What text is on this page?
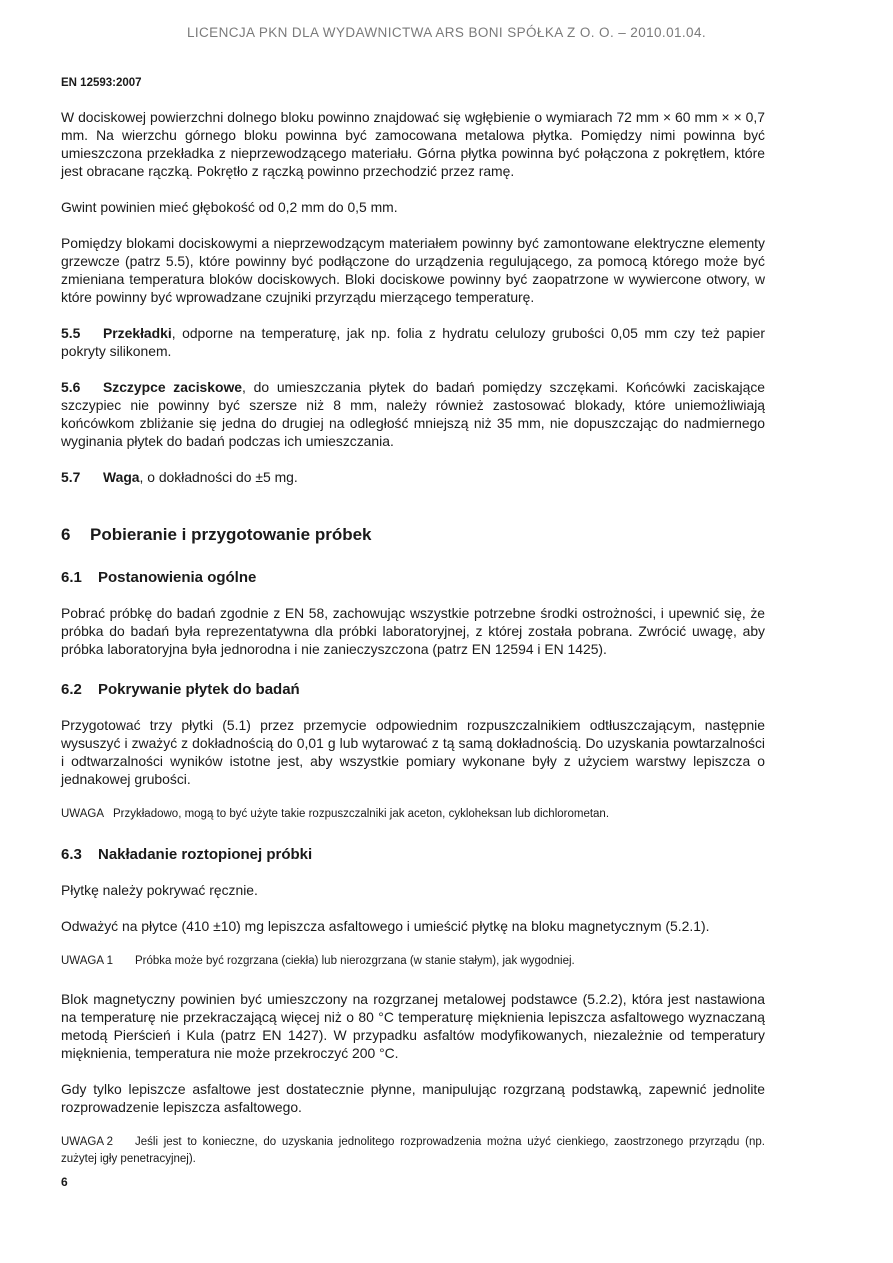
LICENCJA PKN DLA WYDAWNICTWA ARS BONI SPÓŁKA Z O. O. – 2010.01.04.
EN 12593:2007

W dociskowej powierzchni dolnego bloku powinno znajdować się wgłębienie o wymiarach 72 mm × 60 mm × × 0,7 mm. Na wierzchu górnego bloku powinna być zamocowana metalowa płytka. Pomiędzy nimi powinna być umieszczona przekładka z nieprzewodzącego materiału. Górna płytka powinna być połączona z pokrętłem, które jest obracane rączką. Pokrętło z rączką powinno przechodzić przez ramę.

Gwint powinien mieć głębokość od 0,2 mm do 0,5 mm.

Pomiędzy blokami dociskowymi a nieprzewodzącym materiałem powinny być zamontowane elektryczne elementy grzewcze (patrz 5.5), które powinny być podłączone do urządzenia regulującego, za pomocą którego może być zmieniana temperatura bloków dociskowych. Bloki dociskowe powinny być zaopatrzone w wywiercone otwory, w które powinny być wprowadzane czujniki przyrządu mierzącego temperaturę.

5.5 Przekładki, odporne na temperaturę, jak np. folia z hydratu celulozy grubości 0,05 mm czy też papier pokryty silikonem.

5.6 Szczypce zaciskowe, do umieszczania płytek do badań pomiędzy szczękami. Końcówki zaciskające szczypiec nie powinny być szersze niż 8 mm, należy również zastosować blokady, które uniemożliwiają końcówkom zbliżanie się jedna do drugiej na odległość mniejszą niż 35 mm, nie dopuszczając do nadmiernego wyginania płytek do badań podczas ich umieszczania.

5.7 Waga, o dokładności do ±5 mg.

6 Pobieranie i przygotowanie próbek
6.1 Postanowienia ogólne

Pobrać próbkę do badań zgodnie z EN 58, zachowując wszystkie potrzebne środki ostrożności, i upewnić się, że próbka do badań była reprezentatywna dla próbki laboratoryjnej, z której została pobrana. Zwrócić uwagę, aby próbka laboratoryjna była jednorodna i nie zanieczyszczona (patrz EN 12594 i EN 1425).

6.2 Pokrywanie płytek do badań

Przygotować trzy płytki (5.1) przez przemycie odpowiednim rozpuszczalnikiem odtłuszczającym, następnie wysuszyć i zważyć z dokładnością do 0,01 g lub wytarować z tą samą dokładnością. Do uzyskania powtarzalności i odtwarzalności wyników istotne jest, aby wszystkie pomiary wykonane były z użyciem warstwy lepiszcza o jednakowej grubości.

UWAGA Przykładowo, mogą to być użyte takie rozpuszczalniki jak aceton, cykloheksan lub dichlorometan.
6.3 Nakładanie roztopionej próbki

Płytkę należy pokrywać ręcznie.

Odważyć na płytce (410 ±10) mg lepiszcza asfaltowego i umieścić płytkę na bloku magnetycznym (5.2.1).

UWAGA 1 Próbka może być rozgrzana (ciekła) lub nierozgrzana (w stanie stałym), jak wygodniej.

Blok magnetyczny powinien być umieszczony na rozgrzanej metalowej podstawce (5.2.2), która jest nastawiona na temperaturę nie przekraczającą więcej niż o 80 °C temperaturę mięknienia lepiszcza asfaltowego wyznaczaną metodą Pierścień i Kula (patrz EN 1427). W przypadku asfaltów modyfikowanych, niezależnie od temperatury mięknienia, temperatura nie może przekroczyć 200 °C.

Gdy tylko lepiszcze asfaltowe jest dostatecznie płynne, manipulując rozgrzaną podstawką, zapewnić jednolite rozprowadzenie lepiszcza asfaltowego.

UWAGA 2 Jeśli jest to konieczne, do uzyskania jednolitego rozprowadzenia można użyć cienkiego, zaostrzonego przyrządu (np. zużytej igły penetracyjnej).
6
